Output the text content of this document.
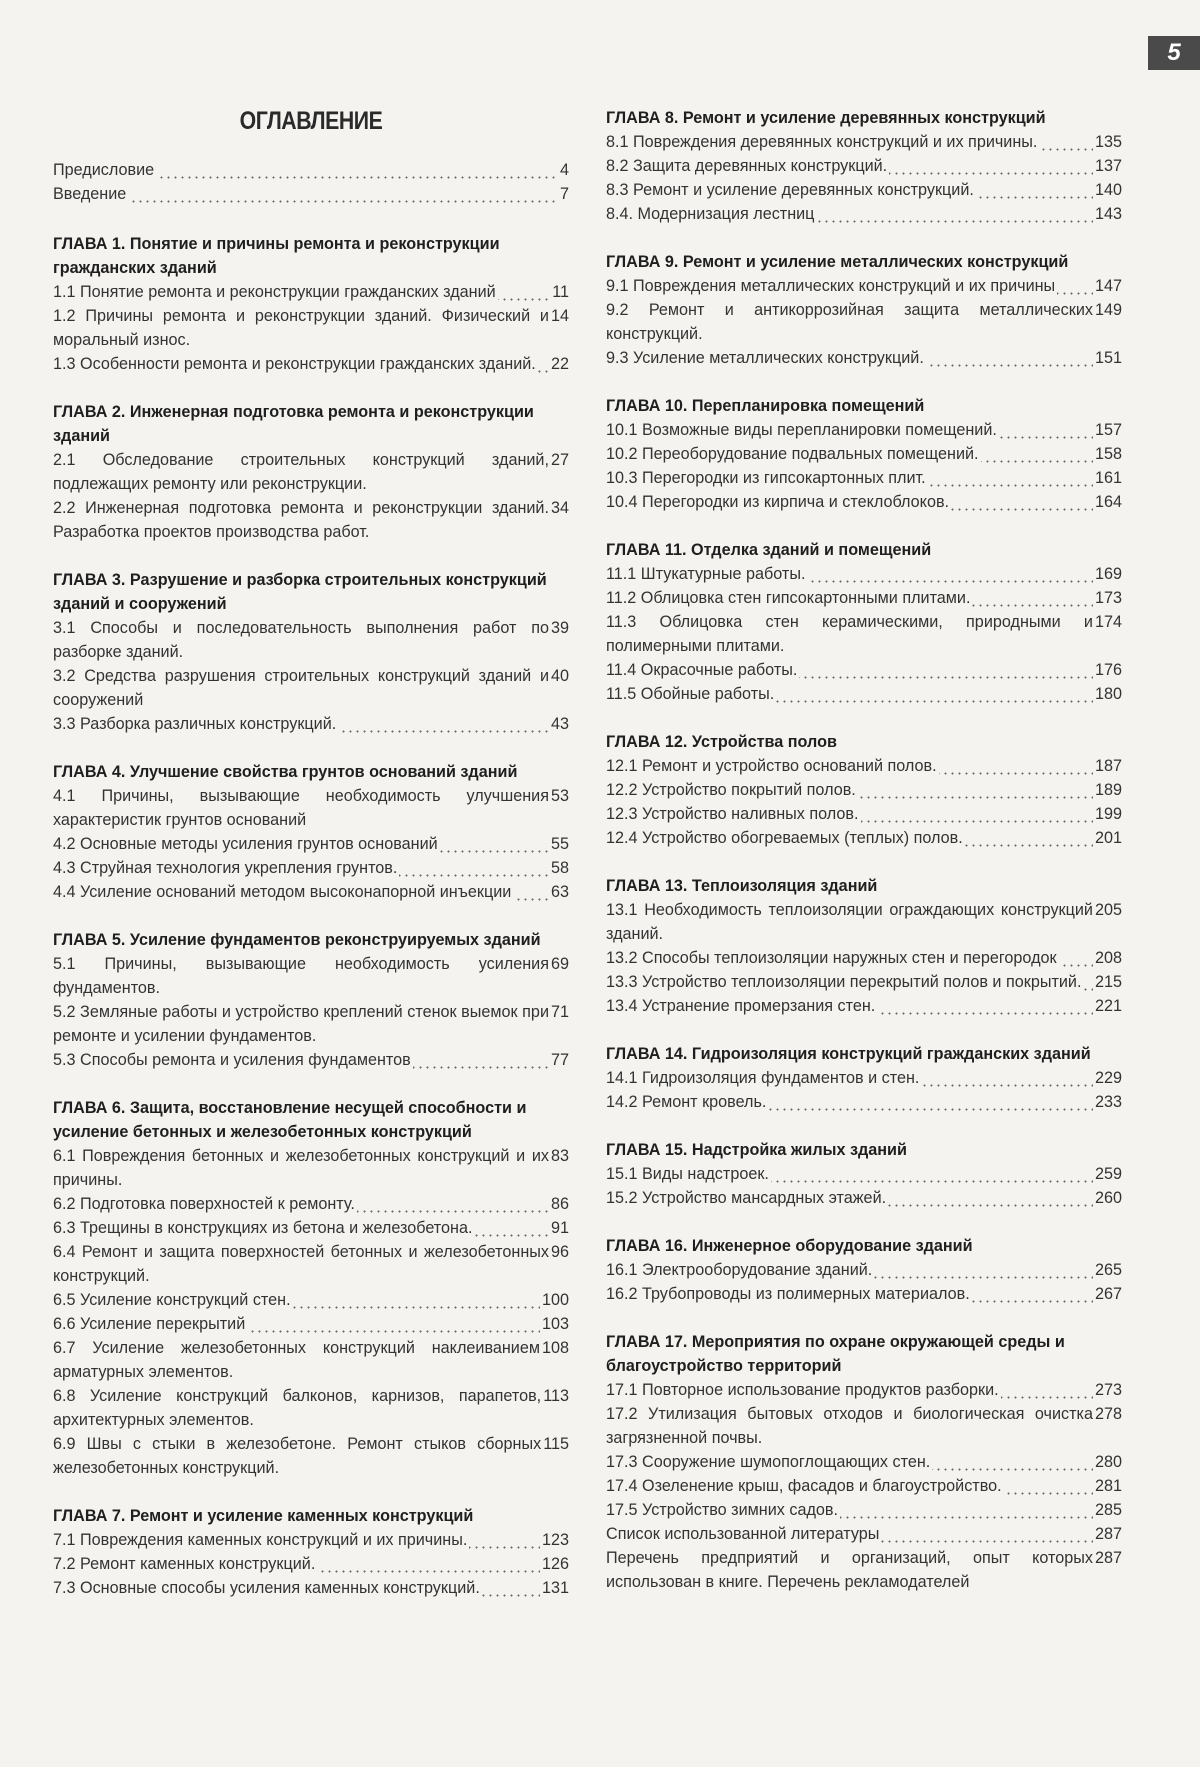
5
ОГЛАВЛЕНИЕ
4
Предисловие
7
Введение
ГЛАВА 1. Понятие и причины ремонта и реконструкции гражданских зданий
11
1.1 Понятие ремонта и реконструкции гражданских зданий
14
1.2 Причины ремонта и реконструкции зданий. Физический и моральный износ.
22
1.3 Особенности ремонта и реконструкции гражданских зданий.
ГЛАВА 2. Инженерная подготовка ремонта и реконструкции зданий
27
2.1 Обследование строительных конструкций зданий, подлежащих ремонту или реконструкции.
34
2.2 Инженерная подготовка ремонта и реконструкции зданий. Разработка проектов производства работ.
ГЛАВА 3. Разрушение и разборка строительных конструкций зданий и сооружений
39
3.1 Способы и последовательность выполнения работ по разборке зданий.
40
3.2 Средства разрушения строительных конструкций зданий и сооружений
43
3.3 Разборка различных конструкций.
ГЛАВА 4. Улучшение свойства грунтов оснований зданий
53
4.1 Причины, вызывающие необходимость улучшения характеристик грунтов оснований
55
4.2 Основные методы усиления грунтов оснований
58
4.3 Струйная технология укрепления грунтов.
63
4.4 Усиление оснований методом высоконапорной инъекции
ГЛАВА 5. Усиление фундаментов реконструируемых зданий
69
5.1 Причины, вызывающие необходимость усиления фундаментов.
71
5.2 Земляные работы и устройство креплений стенок выемок при ремонте и усилении фундаментов.
77
5.3 Способы ремонта и усиления фундаментов
ГЛАВА 6. Защита, восстановление несущей способности и усиление бетонных и железобетонных конструкций
83
6.1 Повреждения бетонных и железобетонных конструкций и их причины.
86
6.2 Подготовка поверхностей к ремонту.
91
6.3 Трещины в конструкциях из бетона и железобетона.
96
6.4 Ремонт и защита поверхностей бетонных и железобетонных конструкций.
100
6.5 Усиление конструкций стен.
103
6.6 Усиление перекрытий
108
6.7 Усиление железобетонных конструкций наклеиванием арматурных элементов.
113
6.8 Усиление конструкций балконов, карнизов, парапетов, архитектурных элементов.
115
6.9 Швы с стыки в железобетоне. Ремонт стыков сборных железобетонных конструкций.
ГЛАВА 7. Ремонт и усиление каменных конструкций
123
7.1 Повреждения каменных конструкций и их причины.
126
7.2 Ремонт каменных конструкций.
131
7.3 Основные способы усиления каменных конструкций.
ГЛАВА 8. Ремонт и усиление деревянных конструкций
135
8.1 Повреждения деревянных конструкций и их причины.
137
8.2 Защита деревянных конструкций.
140
8.3 Ремонт и усиление деревянных конструкций.
143
8.4. Модернизация лестниц
ГЛАВА 9. Ремонт и усиление металлических конструкций
147
9.1 Повреждения металлических конструкций и их причины
149
9.2 Ремонт и антикоррозийная защита металлических конструкций.
151
9.3 Усиление металлических конструкций.
ГЛАВА 10. Перепланировка помещений
157
10.1 Возможные виды перепланировки помещений.
158
10.2 Переоборудование подвальных помещений.
161
10.3 Перегородки из гипсокартонных плит.
164
10.4 Перегородки из кирпича и стеклоблоков.
ГЛАВА 11. Отделка зданий и помещений
169
11.1 Штукатурные работы.
173
11.2 Облицовка стен гипсокартонными плитами.
174
11.3 Облицовка стен керамическими, природными и полимерными плитами.
176
11.4 Окрасочные работы.
180
11.5 Обойные работы.
ГЛАВА 12. Устройства полов
187
12.1 Ремонт и устройство оснований полов.
189
12.2 Устройство покрытий полов.
199
12.3 Устройство наливных полов.
201
12.4 Устройство обогреваемых (теплых) полов.
ГЛАВА 13. Теплоизоляция зданий
205
13.1 Необходимость теплоизоляции ограждающих конструкций зданий.
208
13.2 Способы теплоизоляции наружных стен и перегородок
215
13.3 Устройство теплоизоляции перекрытий полов и покрытий.
221
13.4 Устранение промерзания стен.
ГЛАВА 14. Гидроизоляция конструкций гражданских зданий
229
14.1 Гидроизоляция фундаментов и стен.
233
14.2 Ремонт кровель.
ГЛАВА 15. Надстройка жилых зданий
259
15.1 Виды надстроек.
260
15.2 Устройство мансардных этажей.
ГЛАВА 16. Инженерное оборудование зданий
265
16.1 Электрооборудование зданий.
267
16.2 Трубопроводы из полимерных материалов.
ГЛАВА 17. Мероприятия по охране окружающей среды и благоустройство территорий
273
17.1 Повторное использование продуктов разборки.
278
17.2 Утилизация бытовых отходов и биологическая очистка загрязненной почвы.
280
17.3 Сооружение шумопоглощающих стен.
281
17.4 Озеленение крыш, фасадов и благоустройство.
285
17.5 Устройство зимних садов.
287
Список использованной литературы
287
Перечень предприятий и организаций, опыт которых использован в книге. Перечень рекламодателей
